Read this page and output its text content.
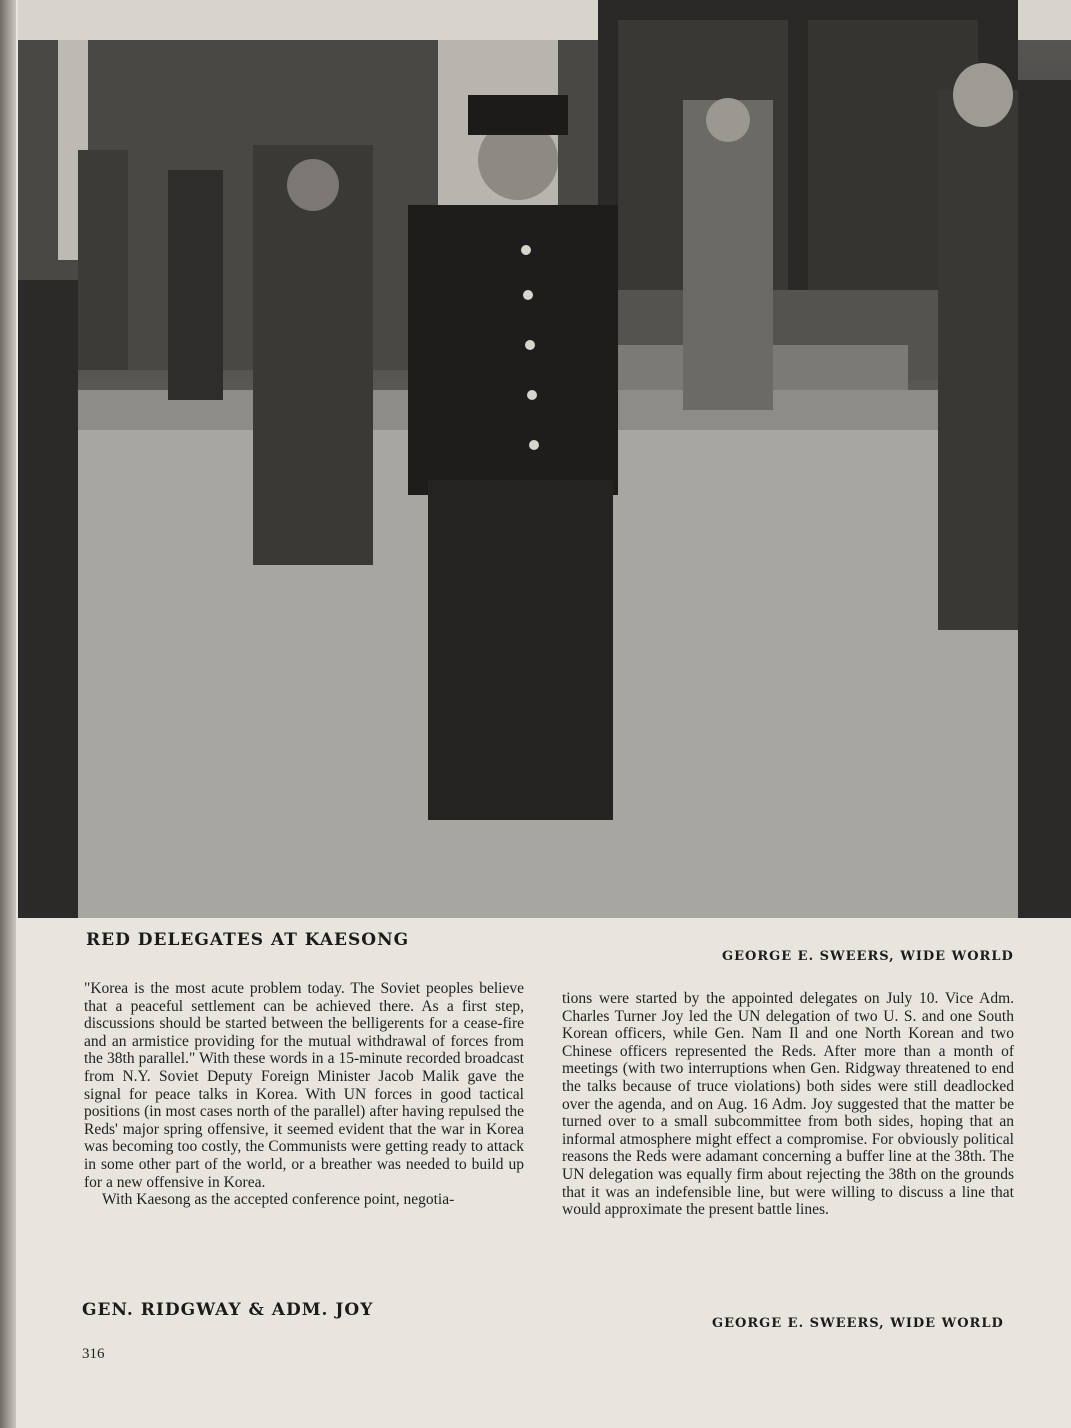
RED DELEGATES AT KAESONG
GEORGE E. SWEERS, WIDE WORLD

"Korea is the most acute problem today. The Soviet peoples believe that a peaceful settlement can be achieved there. As a first step, discussions should be started between the belligerents for a cease-fire and an armistice providing for the mutual withdrawal of forces from the 38th parallel." With these words in a 15-minute recorded broadcast from N.Y. Soviet Deputy Foreign Minister Jacob Malik gave the signal for peace talks in Korea. With UN forces in good tactical positions (in most cases north of the parallel) after having repulsed the Reds' major spring offensive, it seemed evident that the war in Korea was becoming too costly, the Communists were getting ready to attack in some other part of the world, or a breather was needed to build up for a new offensive in Korea.

With Kaesong as the accepted conference point, negotia-

tions were started by the appointed delegates on July 10. Vice Adm. Charles Turner Joy led the UN delegation of two U. S. and one South Korean officers, while Gen. Nam Il and one North Korean and two Chinese officers represented the Reds. After more than a month of meetings (with two interruptions when Gen. Ridgway threatened to end the talks because of truce violations) both sides were still deadlocked over the agenda, and on Aug. 16 Adm. Joy suggested that the matter be turned over to a small subcommittee from both sides, hoping that an informal atmosphere might effect a compromise. For obviously political reasons the Reds were adamant concerning a buffer line at the 38th. The UN delegation was equally firm about rejecting the 38th on the grounds that it was an indefensible line, but were willing to discuss a line that would approximate the present battle lines.

GEN. RIDGWAY & ADM. JOY
GEORGE E. SWEERS, WIDE WORLD
316
